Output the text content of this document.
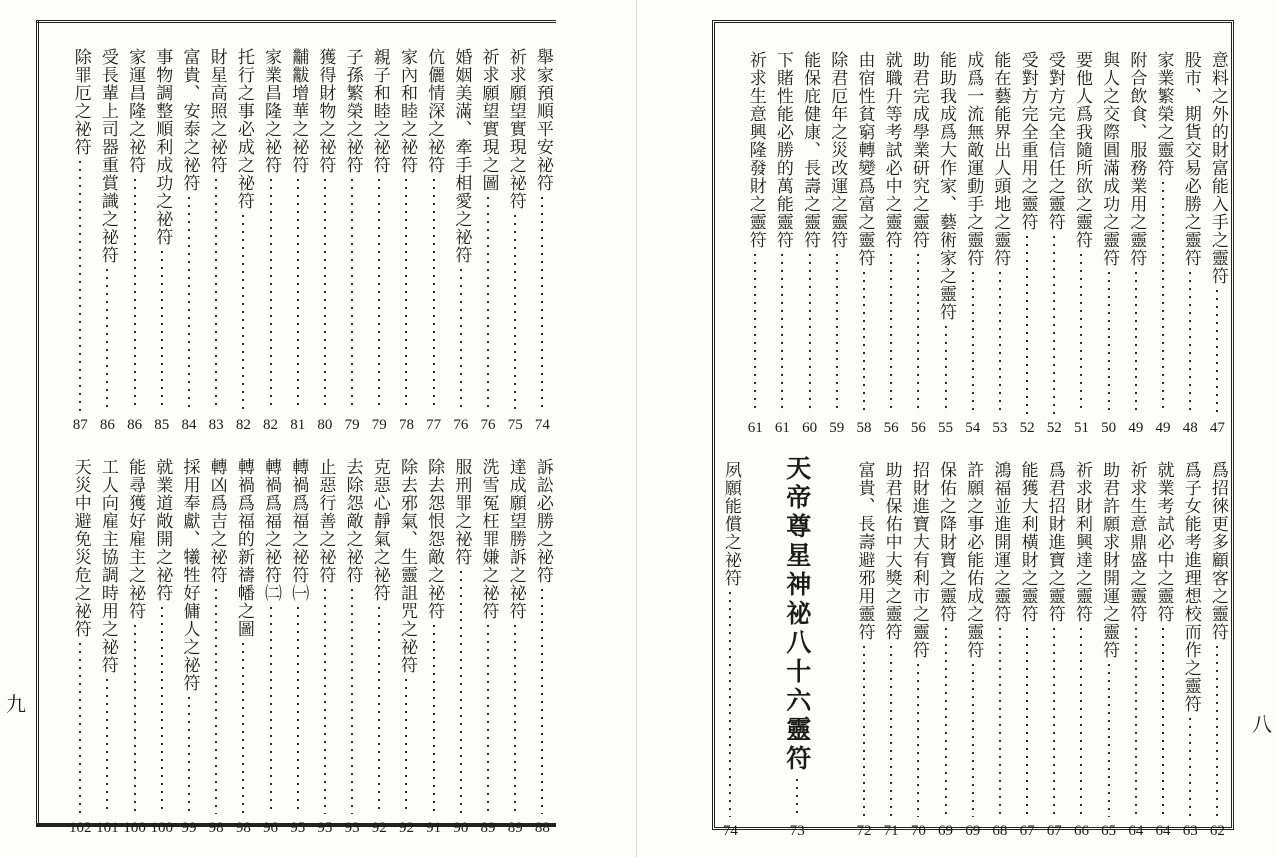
九
八
舉家預順平安祕符
74
祈求願望實現之祕符
75
祈求願望實現之圖
76
婚姻美滿、牽手相愛之祕符
76
伉儷情深之祕符
77
家內和睦之祕符
78
親子和睦之祕符
79
子孫繁榮之祕符
79
獲得財物之祕符
80
黼黻增華之祕符
81
家業昌隆之祕符
82
托行之事必成之祕符
82
財星高照之祕符
83
富貴、安泰之祕符
84
事物調整順利成功之祕符
85
家運昌隆之祕符
86
受長輩上司器重賞識之祕符
86
除罪厄之祕符
87
訴訟必勝之祕符
88
達成願望勝訴之祕符
89
洗雪冤枉罪嫌之祕符
89
服刑罪之祕符
90
除去怨恨怨敵之祕符
91
除去邪氣、生靈詛咒之祕符
92
克惡心靜氣之祕符
92
去除怨敵之祕符
93
止惡行善之祕符
95
轉禍爲福之祕符㈠
95
轉禍爲福之祕符㈡
96
轉禍爲福的新禱幡之圖
98
轉凶爲吉之祕符
98
採用奉獻、犧牲好傭人之祕符
99
就業道敞開之祕符
100
能尋獲好雇主之祕符
100
工人向雇主協調時用之祕符
101
天災中避免災危之祕符
102
意料之外的財富能入手之靈符
47
股市、期貨交易必勝之靈符
48
家業繁榮之靈符
49
附合飲食、服務業用之靈符
49
與人之交際圓滿成功之靈符
50
要他人爲我隨所欲之靈符
51
受對方完全信任之靈符
52
受對方完全重用之靈符
52
能在藝能界出人頭地之靈符
53
成爲一流無敵運動手之靈符
54
能助我成爲大作家、藝術家之靈符
55
助君完成學業研究之靈符
56
就職升等考試必中之靈符
56
由宿性貧窮轉變爲富之靈符
58
除君厄年之災改運之靈符
59
能保庇健康、長壽之靈符
60
下賭性能必勝的萬能靈符
61
祈求生意興隆發財之靈符
61
爲招徠更多顧客之靈符
62
爲子女能考進理想校而作之靈符
63
就業考試必中之靈符
64
祈求生意鼎盛之靈符
64
助君許願求財開運之靈符
65
祈求財利興達之靈符
66
爲君招財進寶之靈符
67
能獲大利橫財之靈符
67
鴻福並進開運之靈符
68
許願之事必能佑成之靈符
69
保佑之降財寶之靈符
69
招財進寶大有利市之靈符
70
助君保佑中大獎之靈符
71
富貴、長壽避邪用靈符
72
天帝尊星神祕八十六靈符
73
夙願能償之祕符
74
